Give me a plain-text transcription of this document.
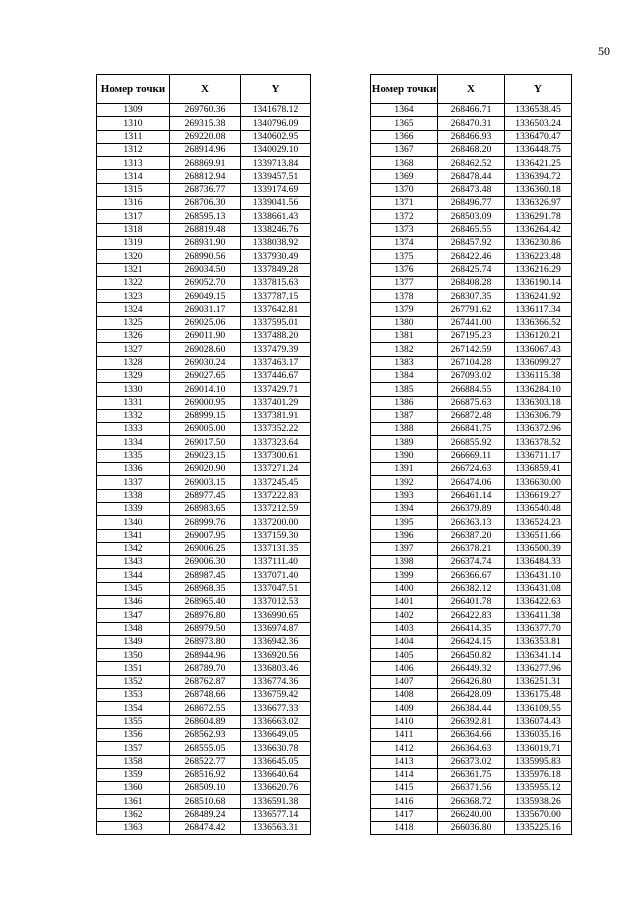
50
Номер точки	X	Y
1309	269760.36	1341678.12
1310	269315.38	1340796.09
1311	269220.08	1340602.95
1312	268914.96	1340029.10
1313	268869.91	1339713.84
1314	268812.94	1339457.51
1315	268736.77	1339174.69
1316	268706.30	1339041.56
1317	268595.13	1338661.43
1318	268819.48	1338246.76
1319	268931.90	1338038.92
1320	268990.56	1337930.49
1321	269034.50	1337849.28
1322	269052.70	1337815.63
1323	269049.15	1337787.15
1324	269031.17	1337642.81
1325	269025.06	1337595.01
1326	269011.90	1337488.20
1327	269028.60	1337479.39
1328	269030.24	1337463.17
1329	269027.65	1337446.67
1330	269014.10	1337429.71
1331	269000.95	1337401.29
1332	268999.15	1337381.91
1333	269005.00	1337352.22
1334	269017.50	1337323.64
1335	269023.15	1337300.61
1336	269020.90	1337271.24
1337	269003.15	1337245.45
1338	268977.45	1337222.83
1339	268983.65	1337212.59
1340	268999.76	1337200.00
1341	269007.95	1337159.30
1342	269006.25	1337131.35
1343	269006.30	1337111.40
1344	268987.45	1337071.40
1345	268968.35	1337047.51
1346	268965.40	1337012.53
1347	268976.80	1336990.65
1348	268979.50	1336974.87
1349	268973.80	1336942.36
1350	268944.96	1336920.56
1351	268789.70	1336803.46
1352	268762.87	1336774.36
1353	268748.66	1336759.42
1354	268672.55	1336677.33
1355	268604.89	1336663.02
1356	268562.93	1336649.05
1357	268555.05	1336630.78
1358	268522.77	1336645.05
1359	268516.92	1336640.64
1360	268509.10	1336620.76
1361	268510.68	1336591.38
1362	268489.24	1336577.14
1363	268474.42	1336563.31
Номер точки	X	Y
1364	268466.71	1336538.45
1365	268470.31	1336503.24
1366	268466.93	1336470.47
1367	268468.20	1336448.75
1368	268462.52	1336421.25
1369	268478.44	1336394.72
1370	268473.48	1336360.18
1371	268496.77	1336326.97
1372	268503.09	1336291.78
1373	268465.55	1336264.42
1374	268457.92	1336230.86
1375	268422.46	1336223.48
1376	268425.74	1336216.29
1377	268408.28	1336190.14
1378	268307.35	1336241.92
1379	267791.62	1336117.34
1380	267441.00	1336366.52
1381	267195.23	1336120.21
1382	267142.59	1336067.43
1383	267104.28	1336099.27
1384	267093.02	1336115.38
1385	266884.55	1336284.10
1386	266875.63	1336303.18
1387	266872.48	1336306.79
1388	266841.75	1336372.96
1389	266855.92	1336378.52
1390	266669.11	1336711.17
1391	266724.63	1336859.41
1392	266474.06	1336630.00
1393	266461.14	1336619.27
1394	266379.89	1336540.48
1395	266363.13	1336524.23
1396	266387.20	1336511.66
1397	266378.21	1336500.39
1398	266374.74	1336484.33
1399	266366.67	1336431.10
1400	266382.12	1336431.08
1401	266401.78	1336422.63
1402	266422.83	1336411.38
1403	266414.35	1336377.70
1404	266424.15	1336353.81
1405	266450.82	1336341.14
1406	266449.32	1336277.96
1407	266426.80	1336251.31
1408	266428.09	1336175.48
1409	266384.44	1336109.55
1410	266392.81	1336074.43
1411	266364.66	1336035.16
1412	266364.63	1336019.71
1413	266373.02	1335995.83
1414	266361.75	1335976.18
1415	266371.56	1335955.12
1416	266368.72	1335938.26
1417	266240.00	1335670.00
1418	266036.80	1335225.16
